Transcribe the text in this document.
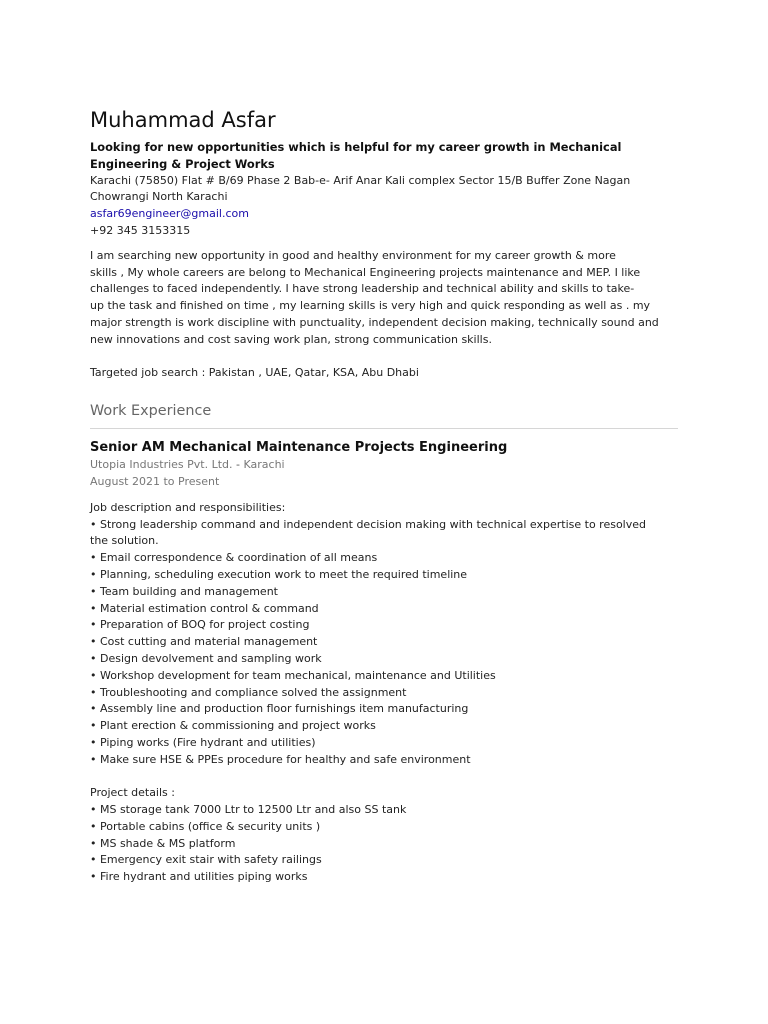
Muhammad Asfar
Looking for new opportunities which is helpful for my career growth in Mechanical
Engineering & Project Works
Karachi (75850) Flat # B/69 Phase 2 Bab-e- Arif Anar Kali complex Sector 15/B Buffer Zone Nagan
Chowrangi North Karachi
asfar69engineer@gmail.com
+92 345 3153315
I am searching new opportunity in good and healthy environment for my career growth & more
skills , My whole careers are belong to Mechanical Engineering projects maintenance and MEP. I like
challenges to faced independently. I have strong leadership and technical ability and skills to take-
up the task and finished on time , my learning skills is very high and quick responding as well as . my
major strength is work discipline with punctuality, independent decision making, technically sound and
new innovations and cost saving work plan, strong communication skills.
Targeted job search : Pakistan , UAE, Qatar, KSA, Abu Dhabi
Work Experience
Senior AM Mechanical Maintenance Projects Engineering
Utopia Industries Pvt. Ltd. - Karachi
August 2021 to Present
Job description and responsibilities:
• Strong leadership command and independent decision making with technical expertise to resolved
the solution.
• Email correspondence & coordination of all means
• Planning, scheduling execution work to meet the required timeline
• Team building and management
• Material estimation control & command
• Preparation of BOQ for project costing
• Cost cutting and material management
• Design devolvement and sampling work
• Workshop development for team mechanical, maintenance and Utilities
• Troubleshooting and compliance solved the assignment
• Assembly line and production floor furnishings item manufacturing
• Plant erection & commissioning and project works
• Piping works (Fire hydrant and utilities)
• Make sure HSE & PPEs procedure for healthy and safe environment
Project details :
• MS storage tank 7000 Ltr to 12500 Ltr and also SS tank
• Portable cabins (office & security units )
• MS shade & MS platform
• Emergency exit stair with safety railings
• Fire hydrant and utilities piping works
